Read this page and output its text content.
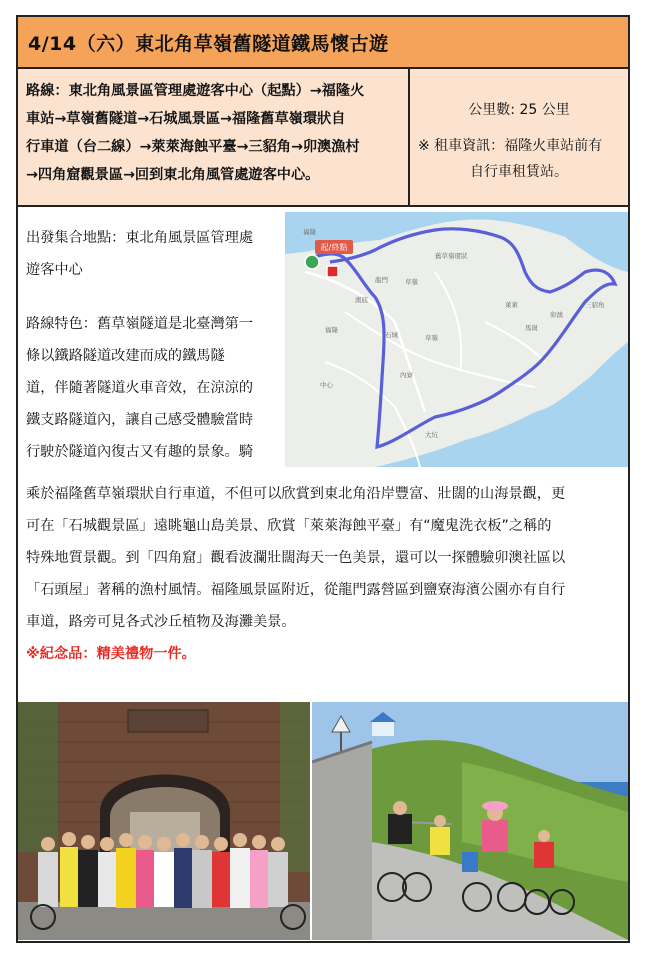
4/14（六）東北角草嶺舊隧道鐵馬懷古遊

路線：東北角風景區管理處遊客中心（起點）→福隆火

車站→草嶺舊隧道→石城風景區→福隆舊草嶺環狀自

行車道（台二線）→萊萊海蝕平臺→三貂角→卯澳漁村

→四角窟觀景區→回到東北角風管處遊客中心。

公里數: 25 公里
※ 租車資訊：福隆火車站前有
自行車租賃站。

出發集合地點：東北角風景區管理處

遊客中心

路線特色：舊草嶺隧道是北臺灣第一

條以鐵路隧道改建而成的鐵馬隧

道，伴隨著隧道火車音效，在涼涼的

鐵支路隧道內，讓自己感受體驗當時

行駛於隧道內復古又有趣的景象。騎

起/終點
福隆
舊草嶺環狀
草嶺
萊萊	三貂角
卯澳
馬崗
石城
福隆
澳底
龍門
內寮
大坑
中心
草嶺

乘於福隆舊草嶺環狀自行車道，不但可以欣賞到東北角沿岸豐富、壯闊的山海景觀，更

可在「石城觀景區」遠眺龜山島美景、欣賞「萊萊海蝕平臺」有“魔鬼洗衣板”之稱的

特殊地質景觀。到「四角窟」觀看波瀾壯闊海天一色美景，還可以一探體驗卯澳社區以

「石頭屋」著稱的漁村風情。福隆風景區附近，從龍門露營區到鹽寮海濱公園亦有自行

車道，路旁可見各式沙丘植物及海灘美景。

※紀念品：精美禮物一件。
